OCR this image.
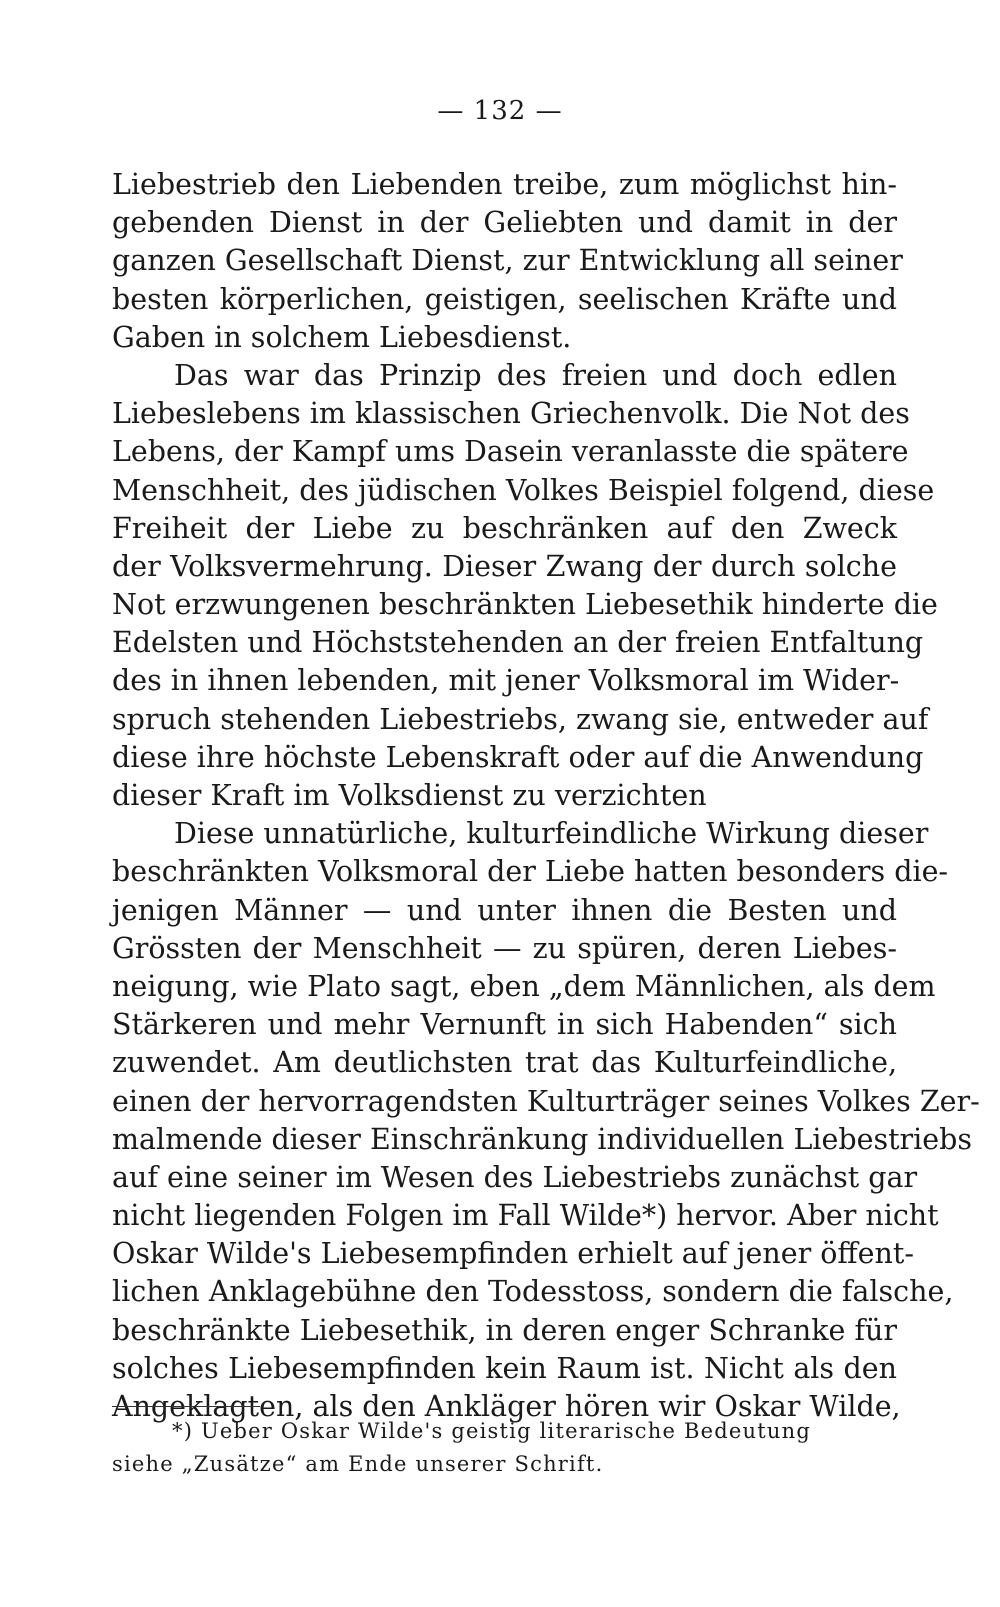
— 132 —
Liebestrieb den Liebenden treibe, zum möglichst hin-
gebenden Dienst in der Geliebten und damit in der
ganzen Gesellschaft Dienst, zur Entwicklung all seiner
besten körperlichen, geistigen, seelischen Kräfte und
Gaben in solchem Liebesdienst.
Das war das Prinzip des freien und doch edlen
Liebeslebens im klassischen Griechenvolk. Die Not des
Lebens, der Kampf ums Dasein veranlasste die spätere
Menschheit, des jüdischen Volkes Beispiel folgend, diese
Freiheit der Liebe zu beschränken auf den Zweck
der Volksvermehrung. Dieser Zwang der durch solche
Not erzwungenen beschränkten Liebesethik hinderte die
Edelsten und Höchststehenden an der freien Entfaltung
des in ihnen lebenden, mit jener Volksmoral im Wider-
spruch stehenden Liebestriebs, zwang sie, entweder auf
diese ihre höchste Lebenskraft oder auf die Anwendung
dieser Kraft im Volksdienst zu verzichten
Diese unnatürliche, kulturfeindliche Wirkung dieser
beschränkten Volksmoral der Liebe hatten besonders die-
jenigen Männer — und unter ihnen die Besten und
Grössten der Menschheit — zu spüren, deren Liebes-
neigung, wie Plato sagt, eben „dem Männlichen, als dem
Stärkeren und mehr Vernunft in sich Habenden“ sich
zuwendet. Am deutlichsten trat das Kulturfeindliche,
einen der hervorragendsten Kulturträger seines Volkes Zer-
malmende dieser Einschränkung individuellen Liebestriebs
auf eine seiner im Wesen des Liebestriebs zunächst gar
nicht liegenden Folgen im Fall Wilde*) hervor. Aber nicht
Oskar Wilde's Liebesempfinden erhielt auf jener öffent-
lichen Anklagebühne den Todesstoss, sondern die falsche,
beschränkte Liebesethik, in deren enger Schranke für
solches Liebesempfinden kein Raum ist. Nicht als den
Angeklagten, als den Ankläger hören wir Oskar Wilde,
*) Ueber Oskar Wilde's geistig literarische Bedeutung
siehe „Zusätze“ am Ende unserer Schrift.
